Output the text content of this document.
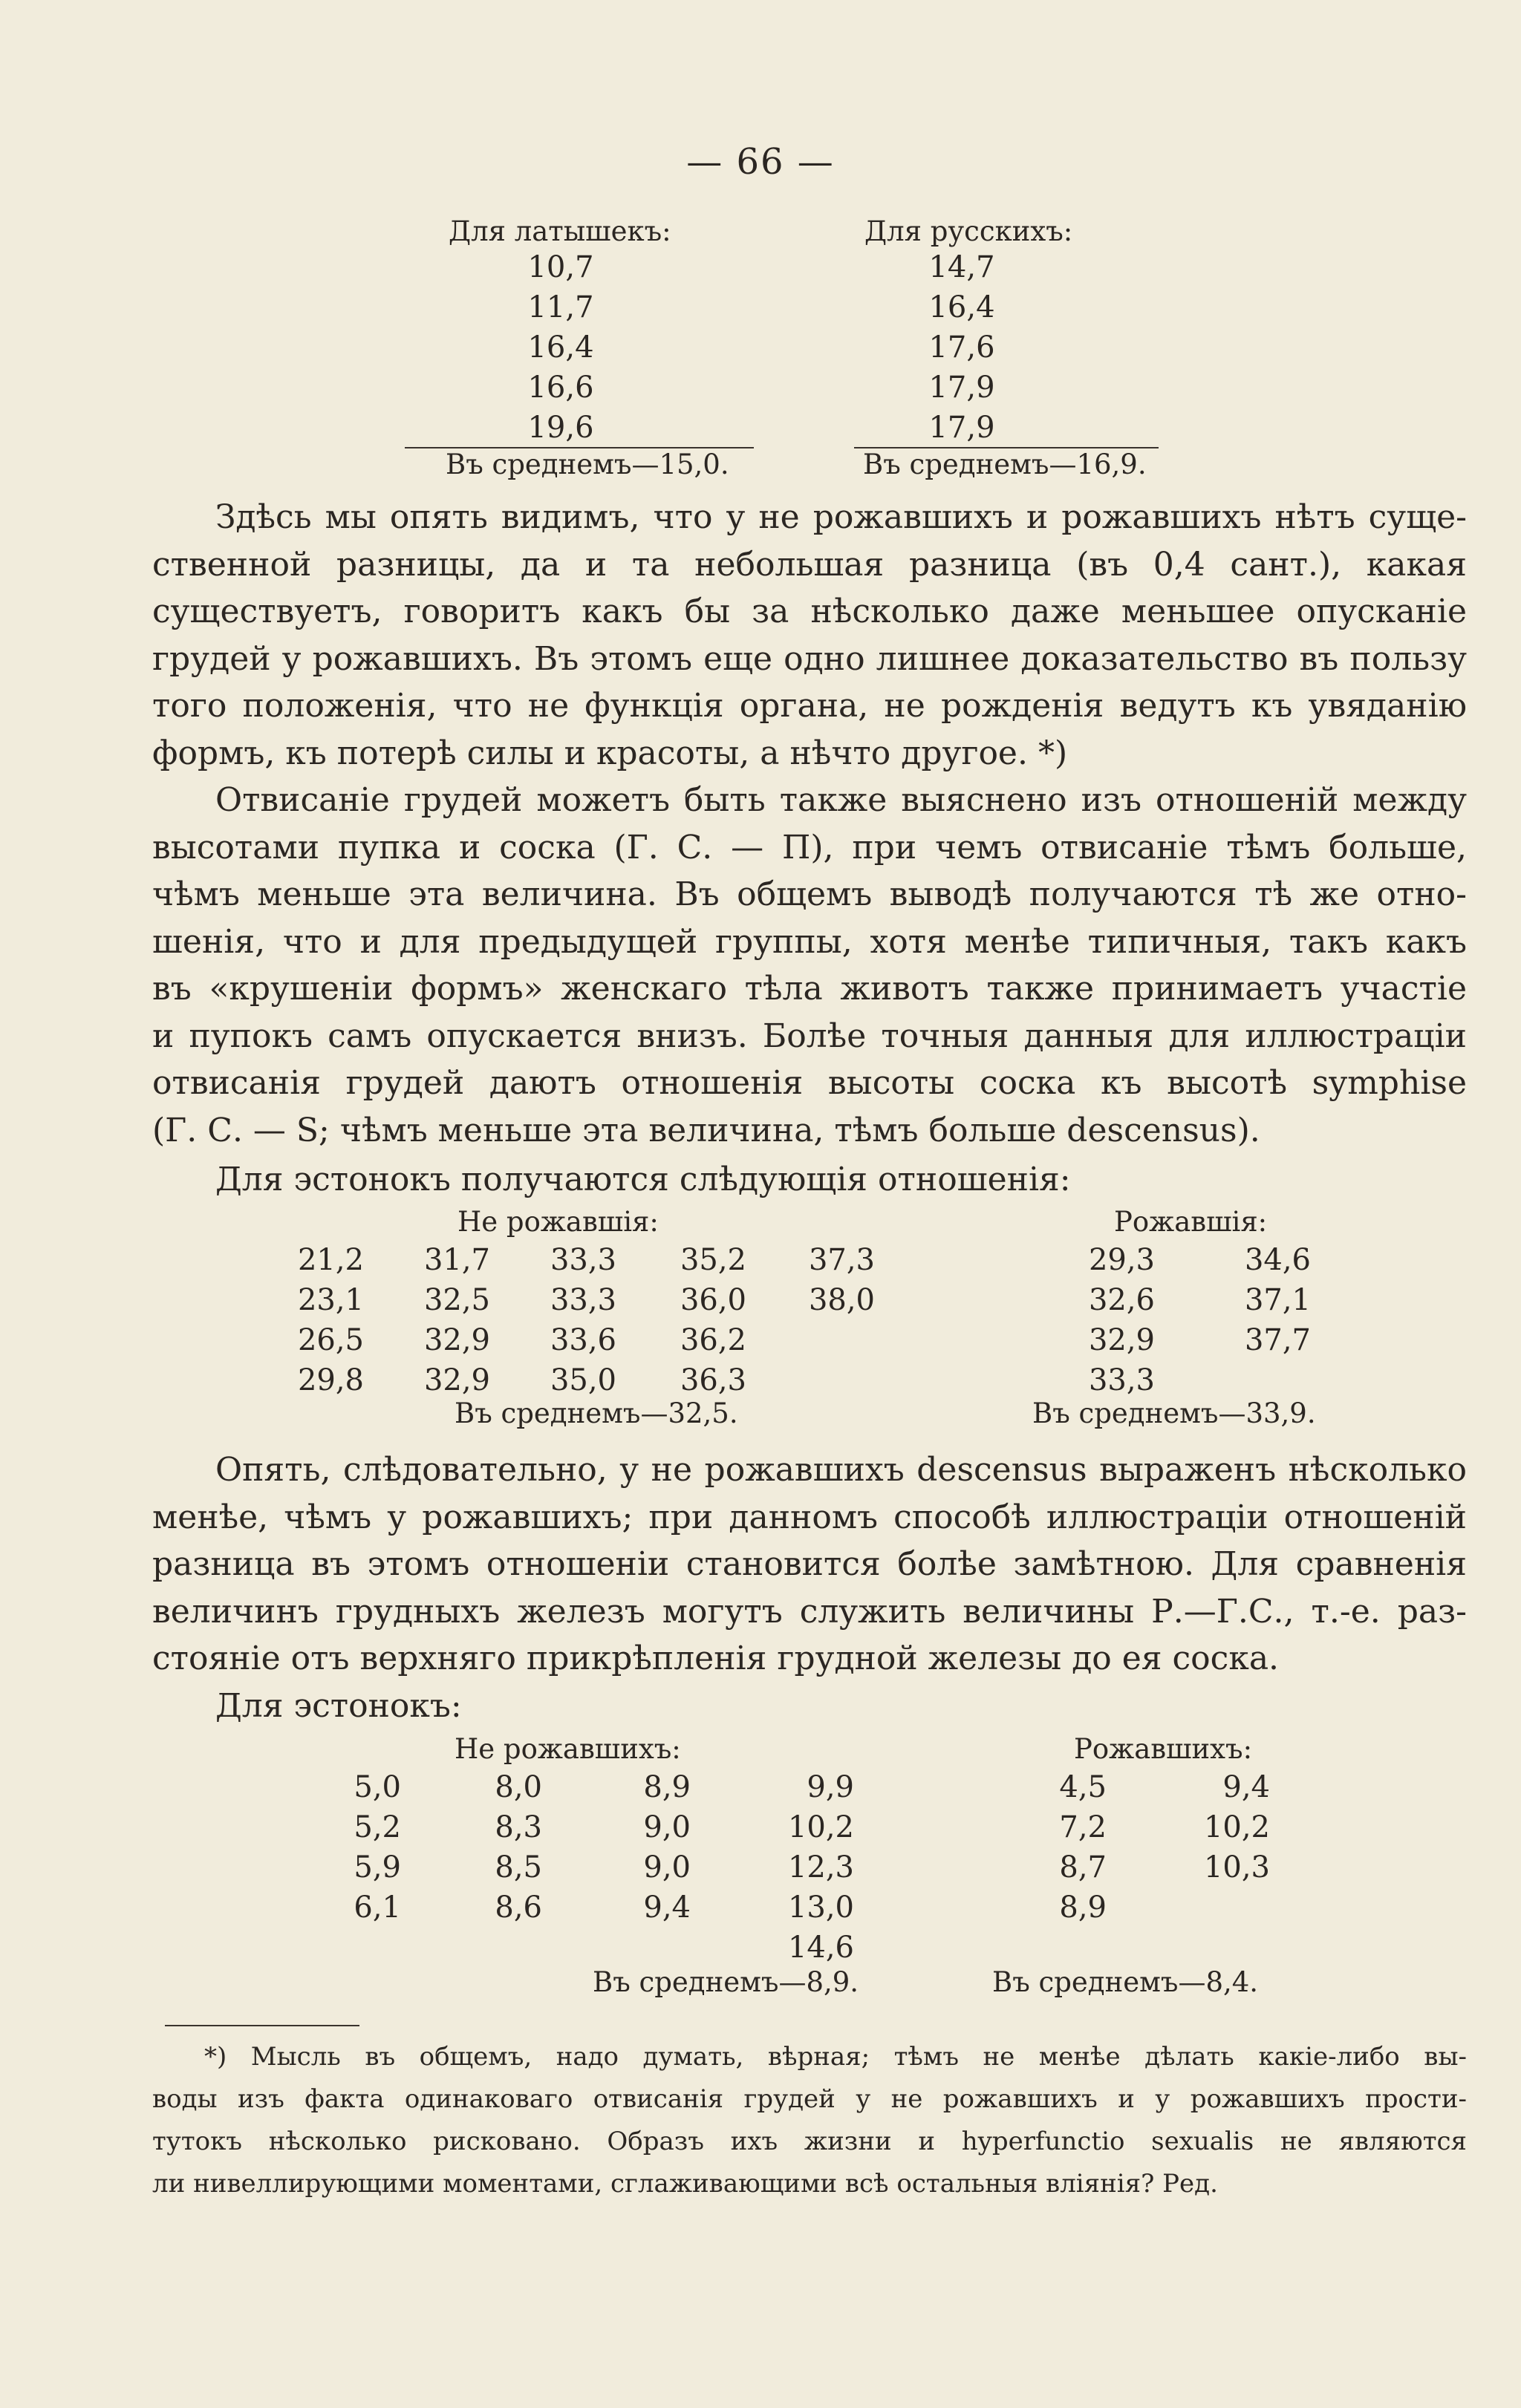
— 66 —
Для латышекъ:
10,7
11,7
16,4
16,6
19,6
Въ среднемъ—15,0.
Для русскихъ:
14,7
16,4
17,6
17,9
17,9
Въ среднемъ—16,9.
Здѣсь мы опять видимъ, что у не рожавшихъ и рожавшихъ нѣтъ суще-
ственной разницы, да и та небольшая разница (въ 0,4 сант.), какая
существуетъ, говоритъ какъ бы за нѣсколько даже меньшее опусканіе
грудей у рожавшихъ. Въ этомъ еще одно лишнее доказательство въ пользу
того положенія, что не функція органа, не рожденія ведутъ къ увяданію
формъ, къ потерѣ силы и красоты, а нѣчто другое. *)
Отвисаніе грудей можетъ быть также выяснено изъ отношеній между
высотами пупка и соска (Г. С. — П), при чемъ отвисаніе тѣмъ больше,
чѣмъ меньше эта величина. Въ общемъ выводѣ получаются тѣ же отно-
шенія, что и для предыдущей группы, хотя менѣе типичныя, такъ какъ
въ «крушеніи формъ» женскаго тѣла животъ также принимаетъ участіе
и пупокъ самъ опускается внизъ. Болѣе точныя данныя для иллюстраціи
отвисанія грудей даютъ отношенія высоты соска къ высотѣ symphise
(Г. С. — S; чѣмъ меньше эта величина, тѣмъ больше descensus).
Для эстонокъ получаются слѣдующія отношенія:
Не рожавшія:
21,2
23,1
26,5
29,8
31,7
32,5
32,9
32,9
33,3
33,3
33,6
35,0
35,2
36,0
36,2
36,3
37,3
38,0
Въ среднемъ—32,5.
Рожавшія:
29,3
32,6
32,9
33,3
34,6
37,1
37,7
Въ среднемъ—33,9.
Опять, слѣдовательно, у не рожавшихъ descensus выраженъ нѣсколько
менѣе, чѣмъ у рожавшихъ; при данномъ способѣ иллюстраціи отношеній
разница въ этомъ отношеніи становится болѣе замѣтною. Для сравненія
величинъ грудныхъ железъ могутъ служить величины Р.—Г.С., т.-е. раз-
стояніе отъ верхняго прикрѣпленія грудной железы до ея соска.
Для эстонокъ:
Не рожавшихъ:
5,0
5,2
5,9
6,1
8,0
8,3
8,5
8,6
8,9
9,0
9,0
9,4
9,9
10,2
12,3
13,0
14,6
Въ среднемъ—8,9.
Рожавшихъ:
4,5
7,2
8,7
8,9
9,4
10,2
10,3
Въ среднемъ—8,4.
*) Мысль въ общемъ, надо думать, вѣрная; тѣмъ не менѣе дѣлать какіе-либо вы-
воды изъ факта одинаковаго отвисанія грудей у не рожавшихъ и у рожавшихъ прости-
тутокъ нѣсколько рисковано. Образъ ихъ жизни и hyperfunctio sexualis не являются
ли нивеллирующими моментами, сглаживающими всѣ остальныя вліянія? Ред.
